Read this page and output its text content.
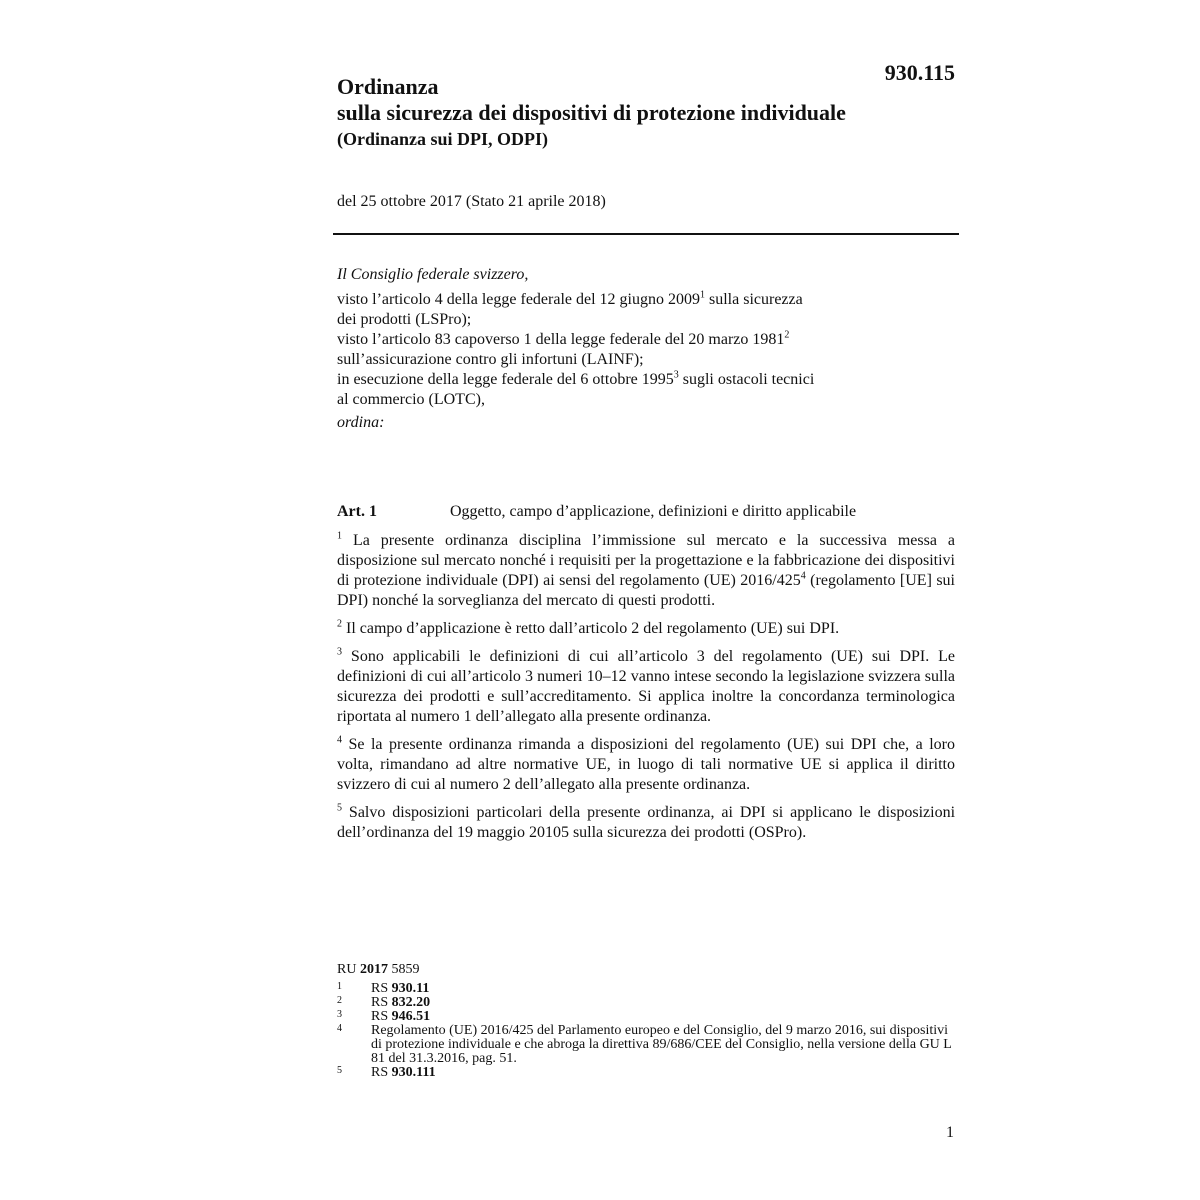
930.115
Ordinanza
sulla sicurezza dei dispositivi di protezione individuale
(Ordinanza sui DPI, ODPI)
del 25 ottobre 2017 (Stato 21 aprile 2018)
Il Consiglio federale svizzero,
visto l’articolo 4 della legge federale del 12 giugno 2009$^1$ sulla sicurezza
dei prodotti (LSPro);
visto l’articolo 83 capoverso 1 della legge federale del 20 marzo 1981$^2$
sull’assicurazione contro gli infortuni (LAINF);
in esecuzione della legge federale del 6 ottobre 1995$^3$ sugli ostacoli tecnici
al commercio (LOTC),
ordina:
Art. 1	Oggetto, campo d’applicazione, definizioni e diritto applicabile

$^1$ La presente ordinanza disciplina l’immissione sul mercato e la successiva messa a disposizione sul mercato nonché i requisiti per la progettazione e la fabbricazione dei dispositivi di protezione individuale (DPI) ai sensi del regolamento (UE) $2016/425^4$ (regolamento [UE] sui DPI) nonché la sorveglianza del mercato di questi prodotti.

$^2$ Il campo d’applicazione è retto dall’articolo 2 del regolamento (UE) sui DPI.

$^3$ Sono applicabili le definizioni di cui all’articolo 3 del regolamento (UE) sui DPI. Le definizioni di cui all’articolo 3 numeri 10–12 vanno intese secondo la legislazione svizzera sulla sicurezza dei prodotti e sull’accreditamento. Si applica inoltre la concordanza terminologica riportata al numero 1 dell’allegato alla presente ordinanza.

$^4$ Se la presente ordinanza rimanda a disposizioni del regolamento (UE) sui DPI che, a loro volta, rimandano ad altre normative UE, in luogo di tali normative UE si applica il diritto svizzero di cui al numero 2 dell’allegato alla presente ordinanza.

$^5$ Salvo disposizioni particolari della presente ordinanza, ai DPI si applicano le disposizioni dell’ordinanza del 19 maggio 20105 sulla sicurezza dei prodotti (OSPro).

RU 2017 5859
1 RS 930.11
2 RS 832.20
3 RS 946.51
4 Regolamento (UE) 2016/425 del Parlamento europeo e del Consiglio, del 9 marzo 2016, sui dispositivi di protezione individuale e che abroga la direttiva 89/686/CEE del Consiglio, nella versione della GU L 81 del 31.3.2016, pag. 51.
5 RS 930.111
1
